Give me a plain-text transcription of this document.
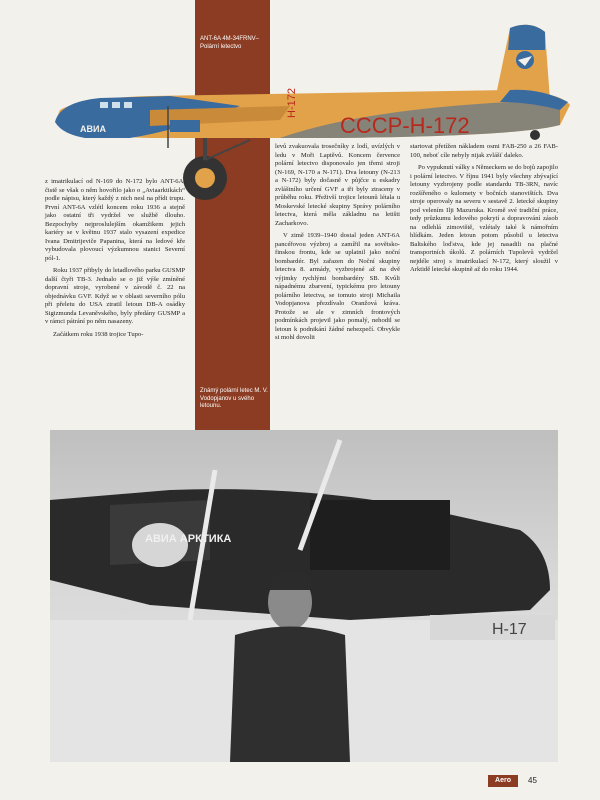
ANT-6A 4M-34FRNV–
Polární letectvo
СССР-Н-172
Н-172
АВИА

z imatrikulací od N-169 do N-172 bylo ANT-6A, čistě se však o něm hovořilo jako o „Aviaarktikách“ podle nápisu, který každý z nich nesl na přídi trupu. První ANT-6A vzlétl koncem roku 1936 a stejně jako ostatní tři vydržel ve službě dlouho. Bezpochyby nejproslulejším okamžikem jejich kariéry se v květnu 1937 stalo vysazení expedice Ivana Dmitrijeviče Papanina, která na ledové kře vybudovala plovoucí výzkumnou stanici Severní pól-1.

Roku 1937 přibyly do letadlového parku GUSMP další čtyři TB-3. Jednalo se o již výše zmíněné dopravní stroje, vyrobené v závodě č. 22 na objednávku GVF. Když se v oblasti severního pólu při přeletu do USA ztratil letoun DB-A osádky Sigizmunda Levaněvského, byly předány GUSMP a v rámci pátrání po něm nasazeny.

Začátkem roku 1938 trojice Tupo-

levů zvakuovala trosečníky z lodí, uvízlých v ledu v Moři Laptěvů. Koncem července polární letectvo disponovalo jen třemi stroji (N-169, N-170 a N-171). Dva letouny (N-213 a N-172) byly dočasně v půjčce u eskadry zvláštního určení GVF a tři byly ztraceny v průběhu roku. Přeživší trojice letounů létala u Moskevské letecké skupiny Správy polárního letectva, která měla základnu na letišti Zacharkovo.

V zimě 1939–1940 dostal jeden ANT-6A pancéřovou výzbroj a zamířil na sovětsko-finskou frontu, kde se uplatnil jako noční bombardér. Byl zařazen do Noční skupiny letectva 8. armády, vyzbrojené až na dvě výjimky rychlými bombardéry SB. Kvůli nápadnému zbarvení, typickému pro letouny polárního letectva, se tomuto stroji Michaila Vodopjanova přezdívalo Oranžová kráva. Protože se ale v zimních frontových podmínkách projevil jako pomalý, nehodil se letoun k podnikání žádné nebezpečí. Obvykle si mohl dovolit

startovat přetížen nákladem osmi FAB-250 a 26 FAB-100, neboť cíle nebyly nijak zvlášť daleko.

Po vypuknutí války s Německem se do bojů zapojilo i polární letectvo. V říjnu 1941 byly všechny zbývající letouny vyzbrojeny podle standardu TB-3RN, navíc rozšířeného o kulomety v bočních stanovištích. Dva stroje operovaly na severu v sestavě 2. letecké skupiny pod velením Ilji Mazuruka. Kromě své tradiční práce, tedy průzkumu ledového pokrytí a dopravování zásob na odlehlá zimoviště, vzlétaly také k námořním hlídkám. Jeden letoun potom působil u letectva Baltského loďstva, kde jej nasadili na plačné transportních úkolů. Z polárních Tupolevů vydržel nejdéle stroj s imatrikulací N-172, který sloužil v Arktidě letecké skupině až do roku 1944.

Známý polární letec M. V. Vodopjanov u svého letounu.
АВИА АРКТИКА
Н-17
Aero	45
